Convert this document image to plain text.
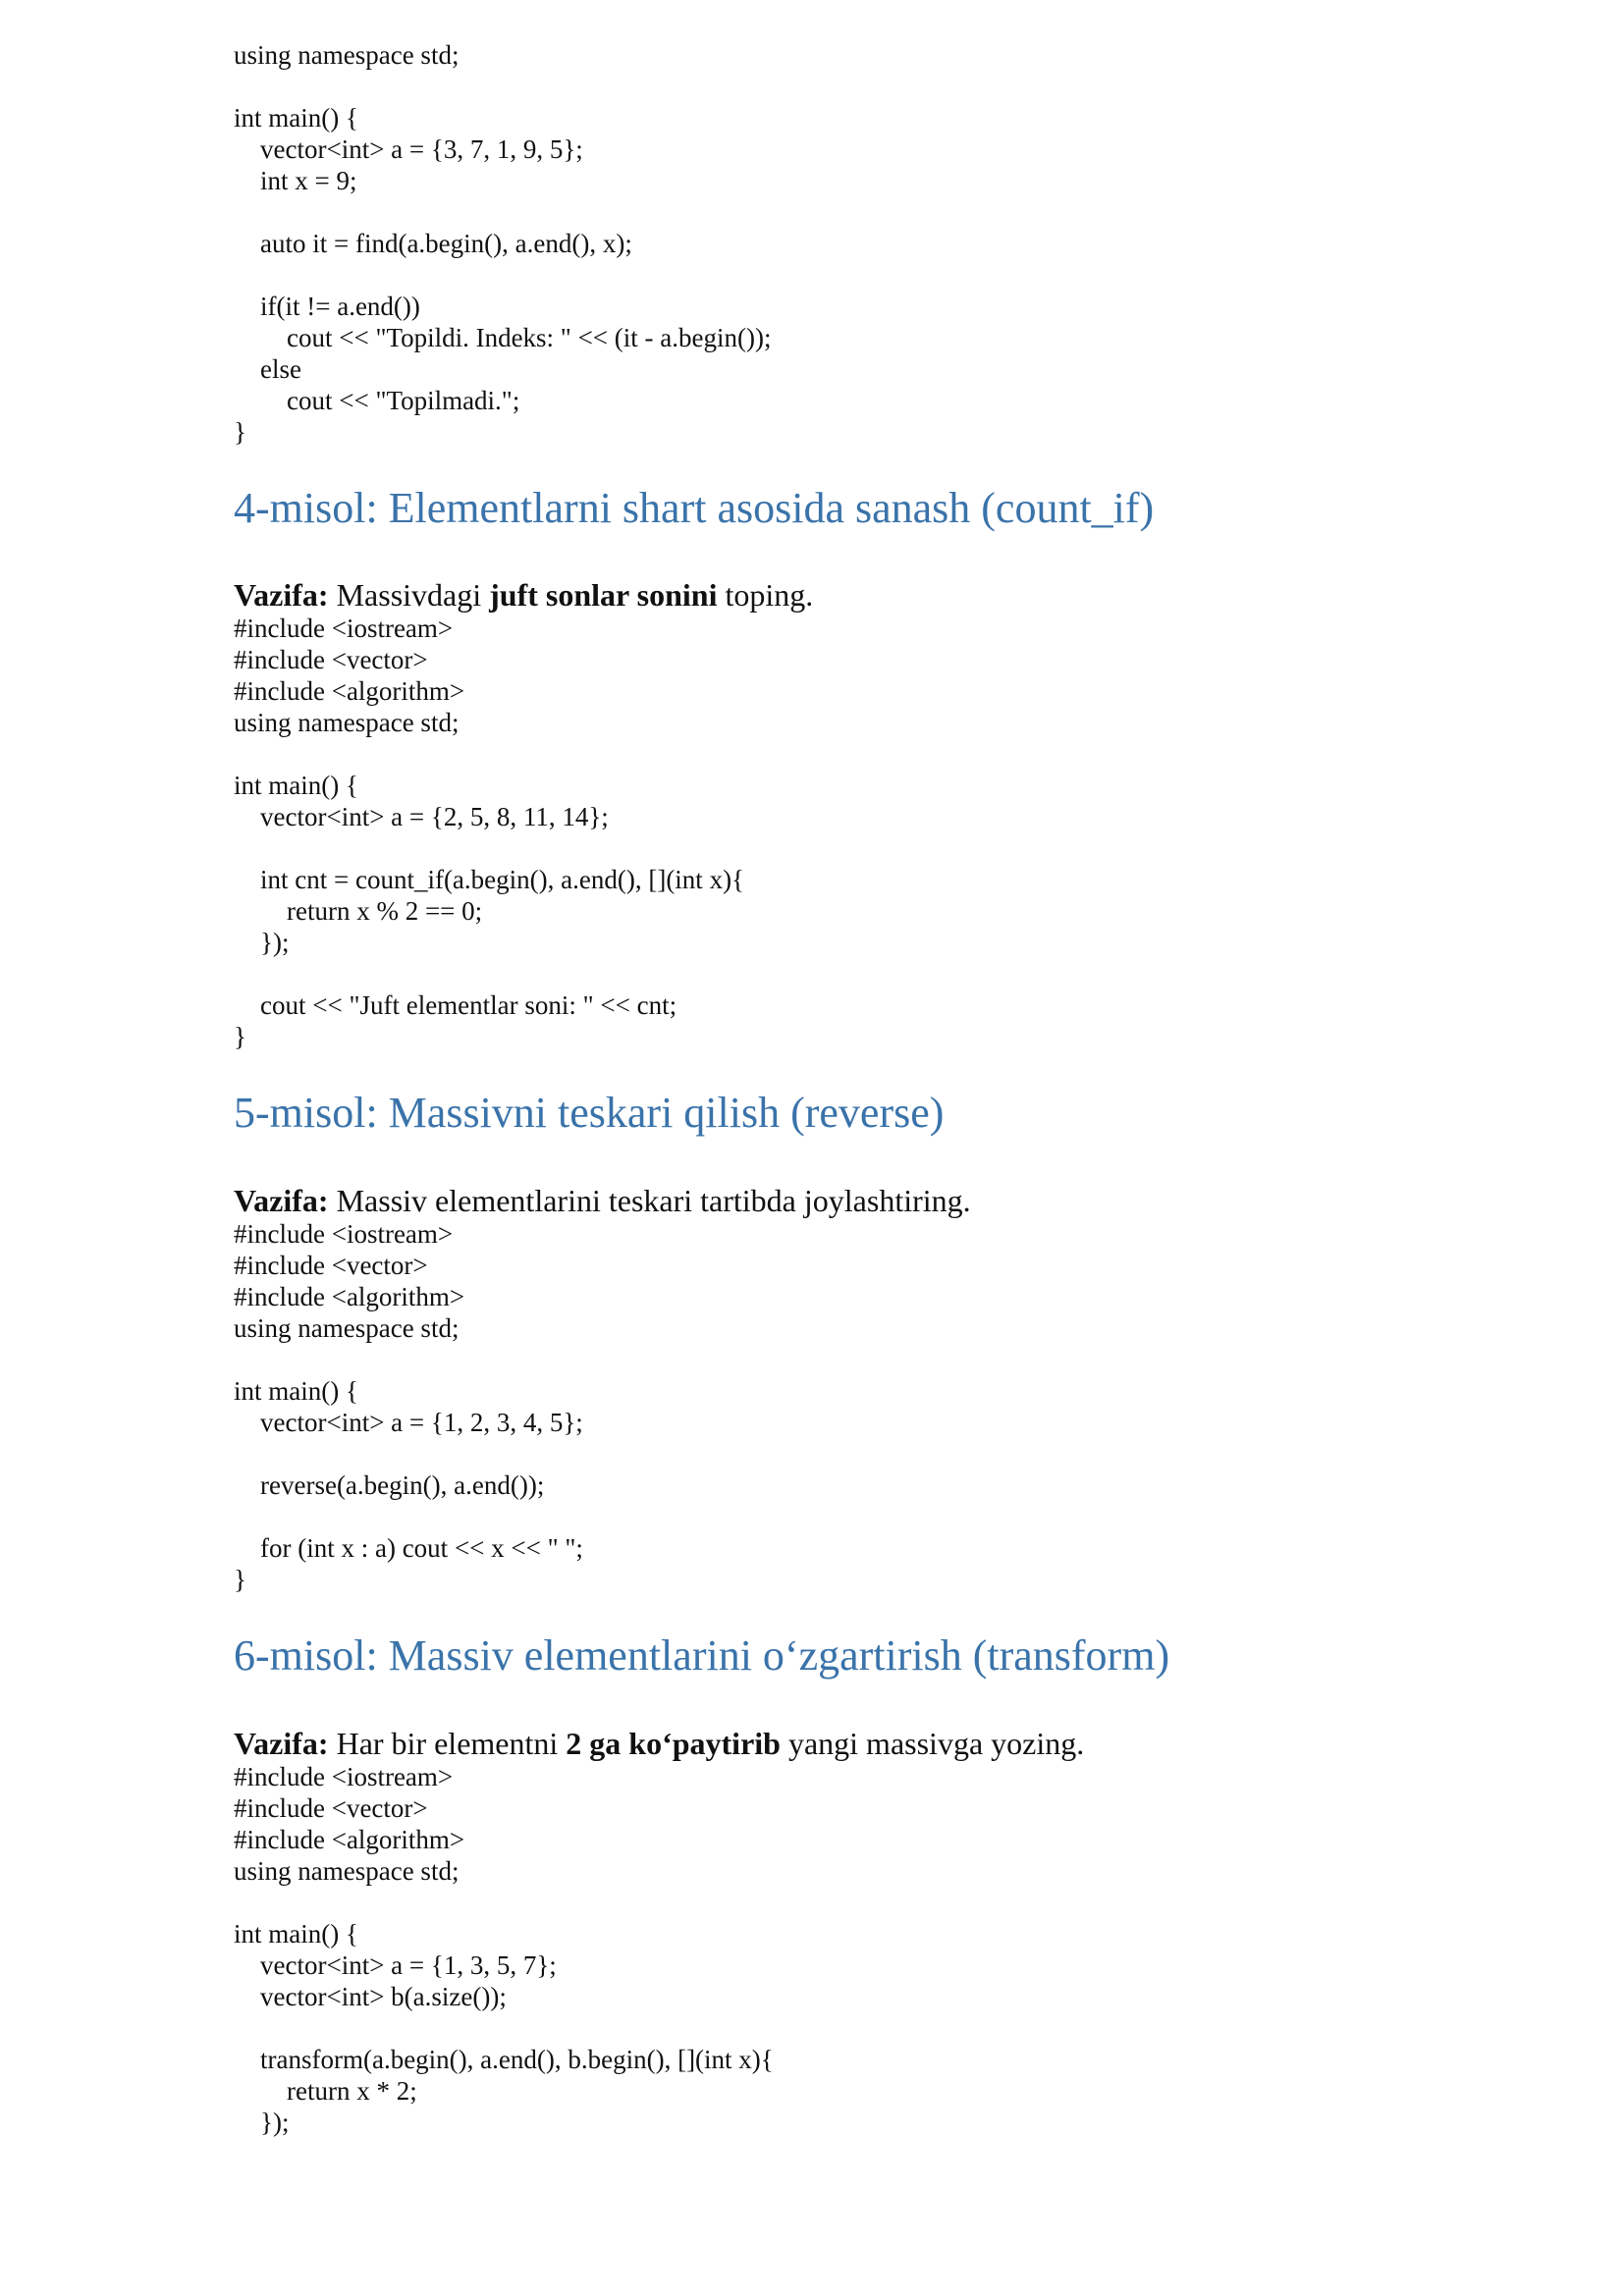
using namespace std;
int main() {
vector<int> a = {3, 7, 1, 9, 5};
int x = 9;
auto it = find(a.begin(), a.end(), x);
if(it != a.end())
cout << "Topildi. Indeks: " << (it - a.begin());
else
cout << "Topilmadi.";
}
4-misol: Elementlarni shart asosida sanash (count_if)
Vazifa: Massivdagi juft sonlar sonini toping.
#include <iostream>
#include <vector>
#include <algorithm>
using namespace std;
int main() {
vector<int> a = {2, 5, 8, 11, 14};
int cnt = count_if(a.begin(), a.end(), [](int x){
return x % 2 == 0;
});
cout << "Juft elementlar soni: " << cnt;
}
5-misol: Massivni teskari qilish (reverse)
Vazifa: Massiv elementlarini teskari tartibda joylashtiring.
#include <iostream>
#include <vector>
#include <algorithm>
using namespace std;
int main() {
vector<int> a = {1, 2, 3, 4, 5};
reverse(a.begin(), a.end());
for (int x : a) cout << x << " ";
}
6-misol: Massiv elementlarini o‘zgartirish (transform)
Vazifa: Har bir elementni 2 ga ko‘paytirib yangi massivga yozing.
#include <iostream>
#include <vector>
#include <algorithm>
using namespace std;
int main() {
vector<int> a = {1, 3, 5, 7};
vector<int> b(a.size());
transform(a.begin(), a.end(), b.begin(), [](int x){
return x * 2;
});
